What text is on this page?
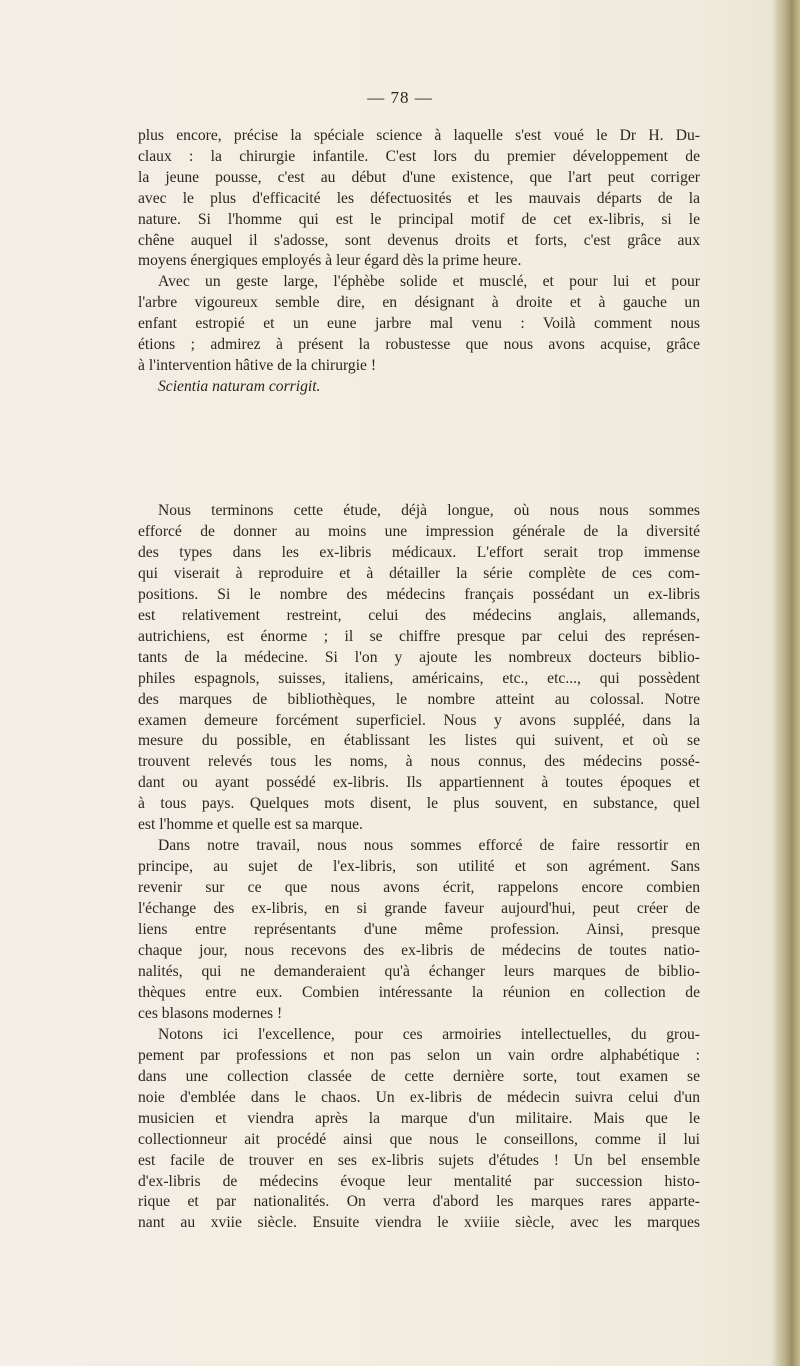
— 78 —
plus encore, précise la spéciale science à laquelle s'est voué le Dr H. Du-
claux : la chirurgie infantile. C'est lors du premier développement de
la jeune pousse, c'est au début d'une existence, que l'art peut corriger
avec le plus d'efficacité les défectuosités et les mauvais départs de la
nature. Si l'homme qui est le principal motif de cet ex-libris, si le
chêne auquel il s'adosse, sont devenus droits et forts, c'est grâce aux
moyens énergiques employés à leur égard dès la prime heure.
Avec un geste large, l'éphèbe solide et musclé, et pour lui et pour
l'arbre vigoureux semble dire, en désignant à droite et à gauche un
enfant estropié et un eune jarbre mal venu : Voilà comment nous
étions ; admirez à présent la robustesse que nous avons acquise, grâce
à l'intervention hâtive de la chirurgie !
Scientia naturam corrigit.
Nous terminons cette étude, déjà longue, où nous nous sommes
efforcé de donner au moins une impression générale de la diversité
des types dans les ex-libris médicaux. L'effort serait trop immense
qui viserait à reproduire et à détailler la série complète de ces com-
positions. Si le nombre des médecins français possédant un ex-libris
est relativement restreint, celui des médecins anglais, allemands,
autrichiens, est énorme ; il se chiffre presque par celui des représen-
tants de la médecine. Si l'on y ajoute les nombreux docteurs biblio-
philes espagnols, suisses, italiens, américains, etc., etc..., qui possèdent
des marques de bibliothèques, le nombre atteint au colossal. Notre
examen demeure forcément superficiel. Nous y avons suppléé, dans la
mesure du possible, en établissant les listes qui suivent, et où se
trouvent relevés tous les noms, à nous connus, des médecins possé-
dant ou ayant possédé ex-libris. Ils appartiennent à toutes époques et
à tous pays. Quelques mots disent, le plus souvent, en substance, quel
est l'homme et quelle est sa marque.
Dans notre travail, nous nous sommes efforcé de faire ressortir en
principe, au sujet de l'ex-libris, son utilité et son agrément. Sans
revenir sur ce que nous avons écrit, rappelons encore combien
l'échange des ex-libris, en si grande faveur aujourd'hui, peut créer de
liens entre représentants d'une même profession. Ainsi, presque
chaque jour, nous recevons des ex-libris de médecins de toutes natio-
nalités, qui ne demanderaient qu'à échanger leurs marques de biblio-
thèques entre eux. Combien intéressante la réunion en collection de
ces blasons modernes !
Notons ici l'excellence, pour ces armoiries intellectuelles, du grou-
pement par professions et non pas selon un vain ordre alphabétique :
dans une collection classée de cette dernière sorte, tout examen se
noie d'emblée dans le chaos. Un ex-libris de médecin suivra celui d'un
musicien et viendra après la marque d'un militaire. Mais que le
collectionneur ait procédé ainsi que nous le conseillons, comme il lui
est facile de trouver en ses ex-libris sujets d'études ! Un bel ensemble
d'ex-libris de médecins évoque leur mentalité par succession histo-
rique et par nationalités. On verra d'abord les marques rares apparte-
nant au xviie siècle. Ensuite viendra le xviiie siècle, avec les marques
